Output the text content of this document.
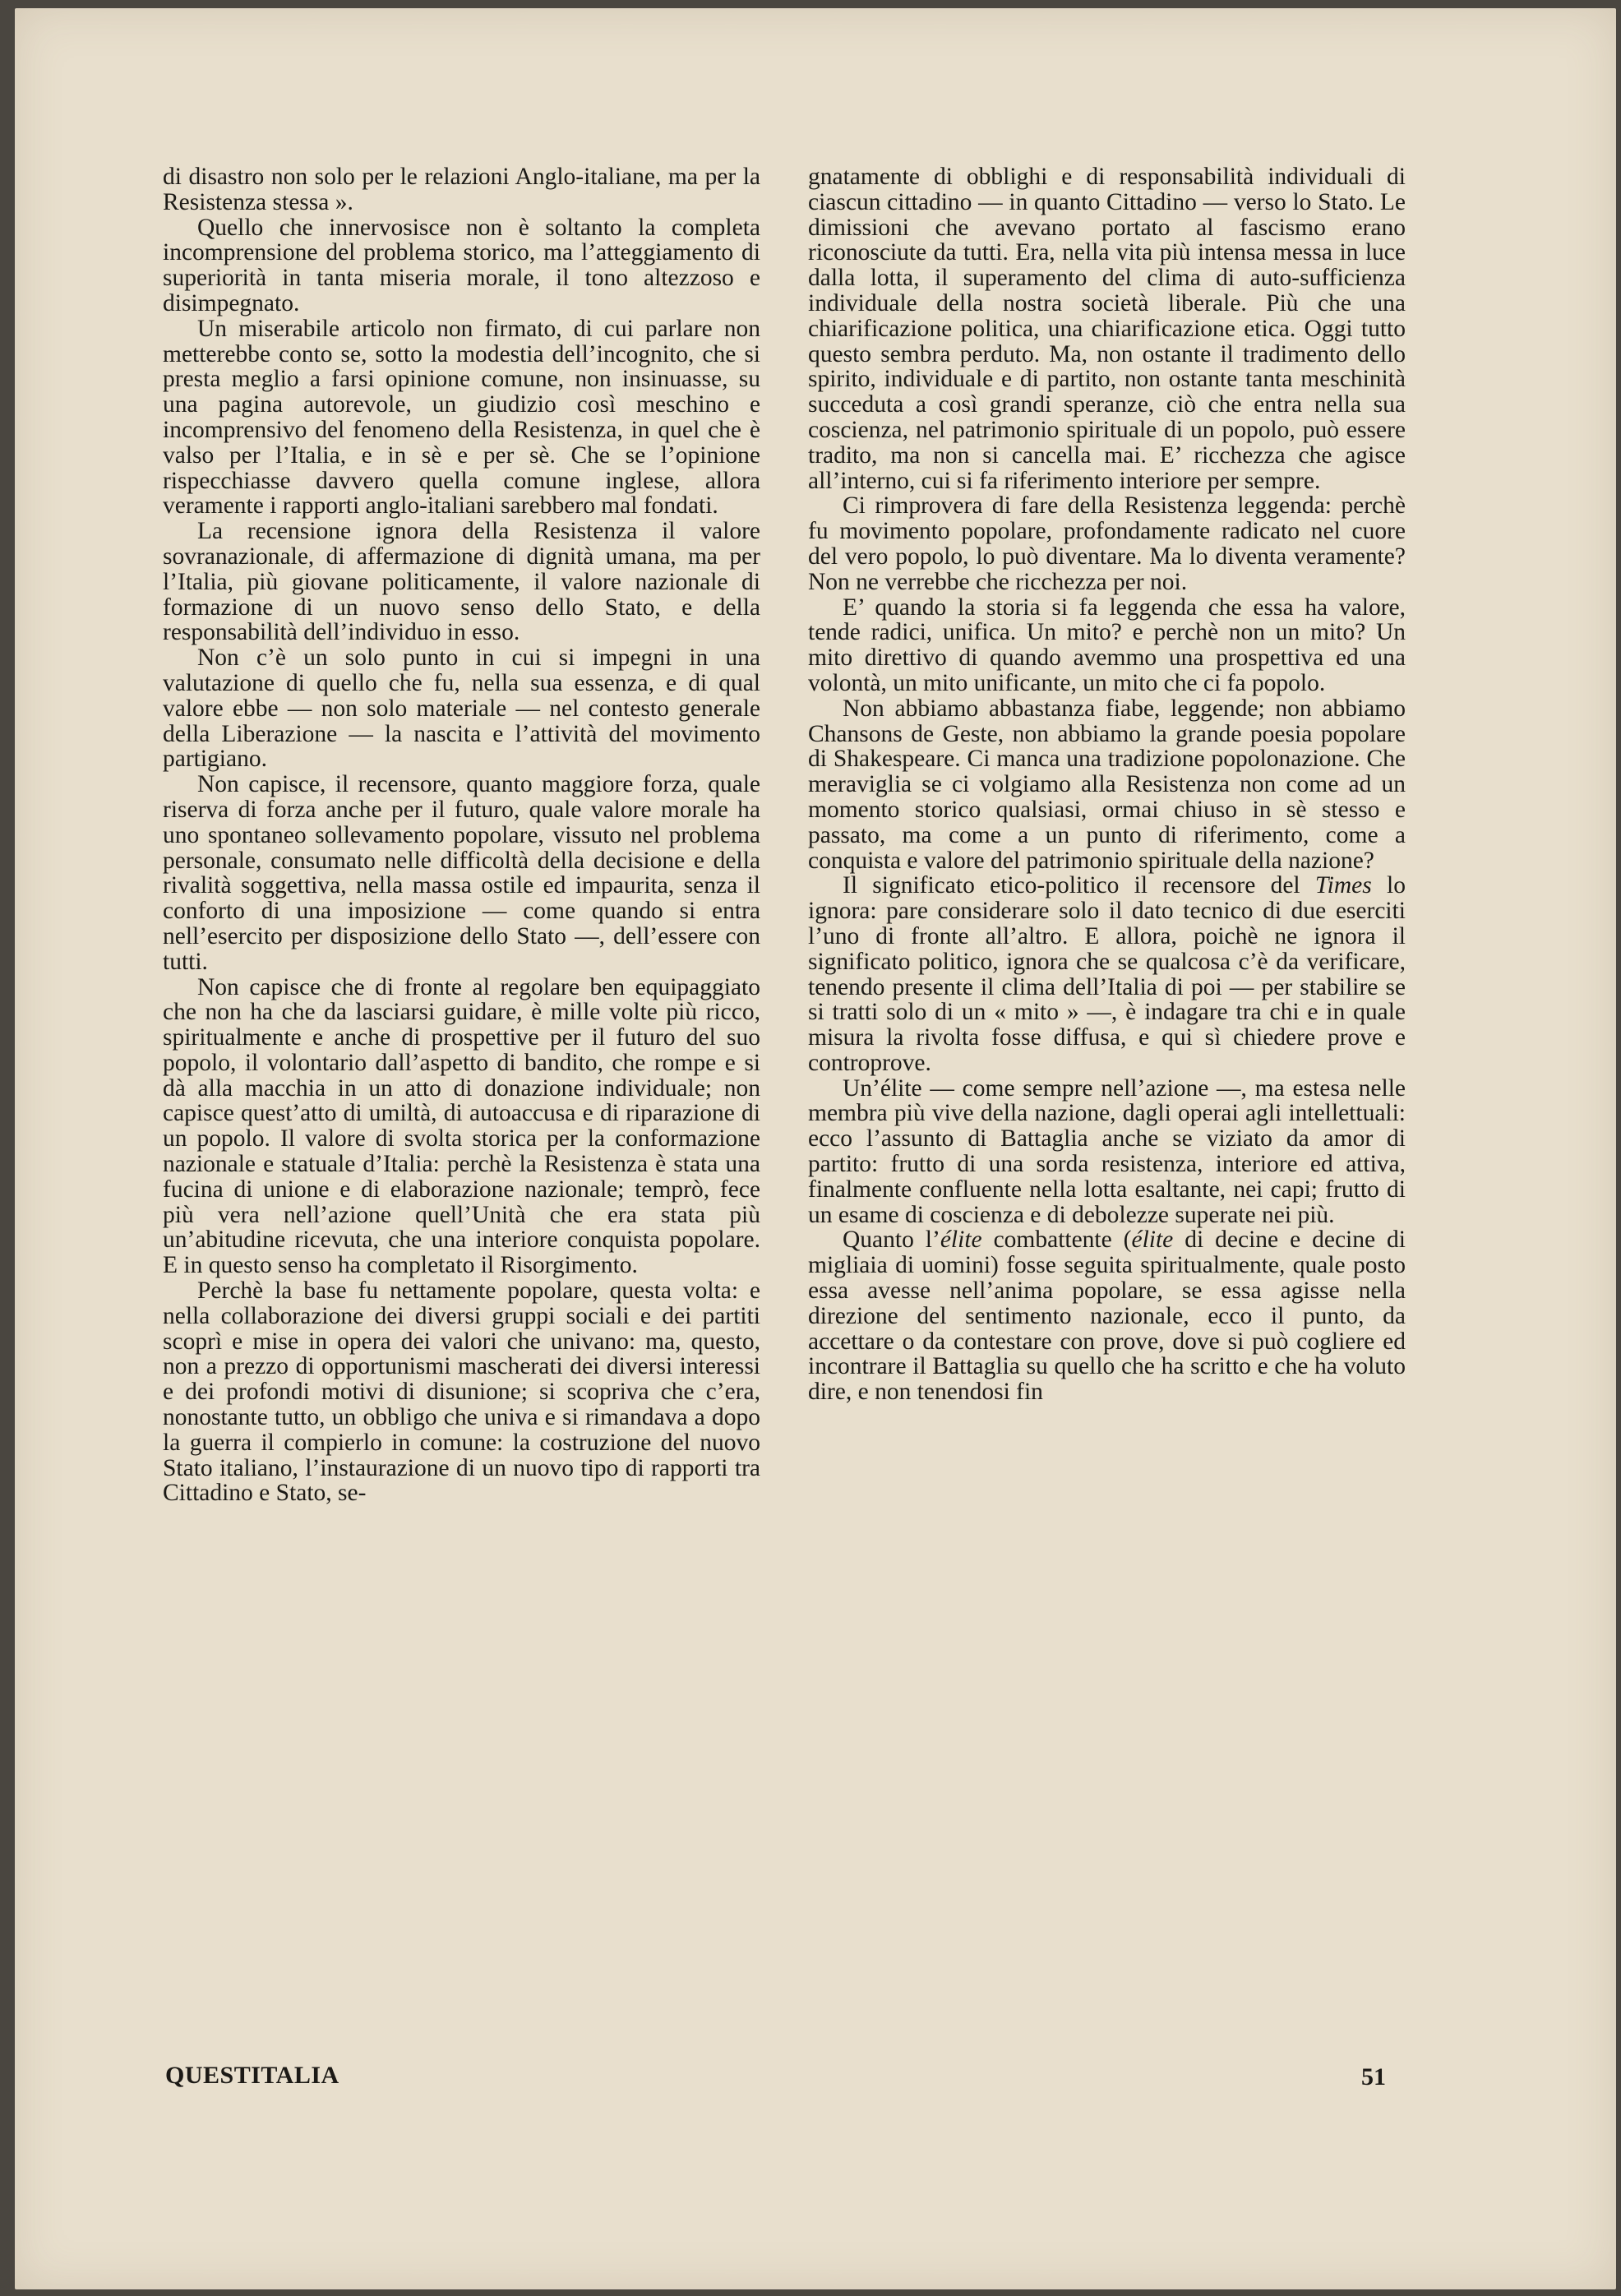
di disastro non solo per le relazioni Anglo-italiane, ma per la Resistenza stessa ».

Quello che innervosisce non è soltanto la completa incomprensione del problema storico, ma l’atteggiamento di superiorità in tanta miseria morale, il tono altezzoso e disimpegnato.

Un miserabile articolo non firmato, di cui parlare non metterebbe conto se, sotto la modestia dell’incognito, che si presta meglio a farsi opinione comune, non insinuasse, su una pagina autorevole, un giudizio così meschino e incomprensivo del fenomeno della Resistenza, in quel che è valso per l’Italia, e in sè e per sè. Che se l’opinione rispecchiasse davvero quella comune inglese, allora veramente i rapporti anglo-italiani sarebbero mal fondati.

La recensione ignora della Resistenza il valore sovranazionale, di affermazione di dignità umana, ma per l’Italia, più giovane politicamente, il valore nazionale di formazione di un nuovo senso dello Stato, e della responsabilità dell’individuo in esso.

Non c’è un solo punto in cui si impegni in una valutazione di quello che fu, nella sua essenza, e di qual valore ebbe — non solo materiale — nel contesto generale della Liberazione — la nascita e l’attività del movimento partigiano.

Non capisce, il recensore, quanto maggiore forza, quale riserva di forza anche per il futuro, quale valore morale ha uno spontaneo sollevamento popolare, vissuto nel problema personale, consumato nelle difficoltà della decisione e della rivalità soggettiva, nella massa ostile ed impaurita, senza il conforto di una imposizione — come quando si entra nell’esercito per disposizione dello Stato —, dell’essere con tutti.

Non capisce che di fronte al regolare ben equipaggiato che non ha che da lasciarsi guidare, è mille volte più ricco, spiritualmente e anche di prospettive per il futuro del suo popolo, il volontario dall’aspetto di bandito, che rompe e si dà alla macchia in un atto di donazione individuale; non capisce quest’atto di umiltà, di autoaccusa e di riparazione di un popolo. Il valore di svolta storica per la conformazione nazionale e statuale d’Italia: perchè la Resistenza è stata una fucina di unione e di elaborazione nazionale; temprò, fece più vera nell’azione quell’Unità che era stata più un’abitudine ricevuta, che una interiore conquista popolare. E in questo senso ha completato il Risorgimento.

Perchè la base fu nettamente popolare, questa volta: e nella collaborazione dei diversi gruppi sociali e dei partiti scoprì e mise in opera dei valori che univano: ma, questo, non a prezzo di opportunismi mascherati dei diversi interessi e dei profondi motivi di disunione; si scopriva che c’era, nonostante tutto, un obbligo che univa e si rimandava a dopo la guerra il compierlo in comune: la costruzione del nuovo Stato italiano, l’instaurazione di un nuovo tipo di rapporti tra Cittadino e Stato, se-

gnatamente di obblighi e di responsabilità individuali di ciascun cittadino — in quanto Cittadino — verso lo Stato. Le dimissioni che avevano portato al fascismo erano riconosciute da tutti. Era, nella vita più intensa messa in luce dalla lotta, il superamento del clima di auto-sufficienza individuale della nostra società liberale. Più che una chiarificazione politica, una chiarificazione etica. Oggi tutto questo sembra perduto. Ma, non ostante il tradimento dello spirito, individuale e di partito, non ostante tanta meschinità succeduta a così grandi speranze, ciò che entra nella sua coscienza, nel patrimonio spirituale di un popolo, può essere tradito, ma non si cancella mai. E’ ricchezza che agisce all’interno, cui si fa riferimento interiore per sempre.

Ci rimprovera di fare della Resistenza leggenda: perchè fu movimento popolare, profondamente radicato nel cuore del vero popolo, lo può diventare. Ma lo diventa veramente? Non ne verrebbe che ricchezza per noi.

E’ quando la storia si fa leggenda che essa ha valore, tende radici, unifica. Un mito? e perchè non un mito? Un mito direttivo di quando avemmo una prospettiva ed una volontà, un mito unificante, un mito che ci fa popolo.

Non abbiamo abbastanza fiabe, leggende; non abbiamo Chansons de Geste, non abbiamo la grande poesia popolare di Shakespeare. Ci manca una tradizione popolonazione. Che meraviglia se ci volgiamo alla Resistenza non come ad un momento storico qualsiasi, ormai chiuso in sè stesso e passato, ma come a un punto di riferimento, come a conquista e valore del patrimonio spirituale della nazione?

Il significato etico-politico il recensore del Times lo ignora: pare considerare solo il dato tecnico di due eserciti l’uno di fronte all’altro. E allora, poichè ne ignora il significato politico, ignora che se qualcosa c’è da verificare, tenendo presente il clima dell’Italia di poi — per stabilire se si tratti solo di un « mito » —, è indagare tra chi e in quale misura la rivolta fosse diffusa, e qui sì chiedere prove e controprove.

Un’élite — come sempre nell’azione —, ma estesa nelle membra più vive della nazione, dagli operai agli intellettuali: ecco l’assunto di Battaglia anche se viziato da amor di partito: frutto di una sorda resistenza, interiore ed attiva, finalmente confluente nella lotta esaltante, nei capi; frutto di un esame di coscienza e di debolezze superate nei più.

Quanto l’élite combattente (élite di decine e decine di migliaia di uomini) fosse seguita spiritualmente, quale posto essa avesse nell’anima popolare, se essa agisse nella direzione del sentimento nazionale, ecco il punto, da accettare o da contestare con prove, dove si può cogliere ed incontrare il Battaglia su quello che ha scritto e che ha voluto dire, e non tenendosi fin

QUESTITALIA	51
